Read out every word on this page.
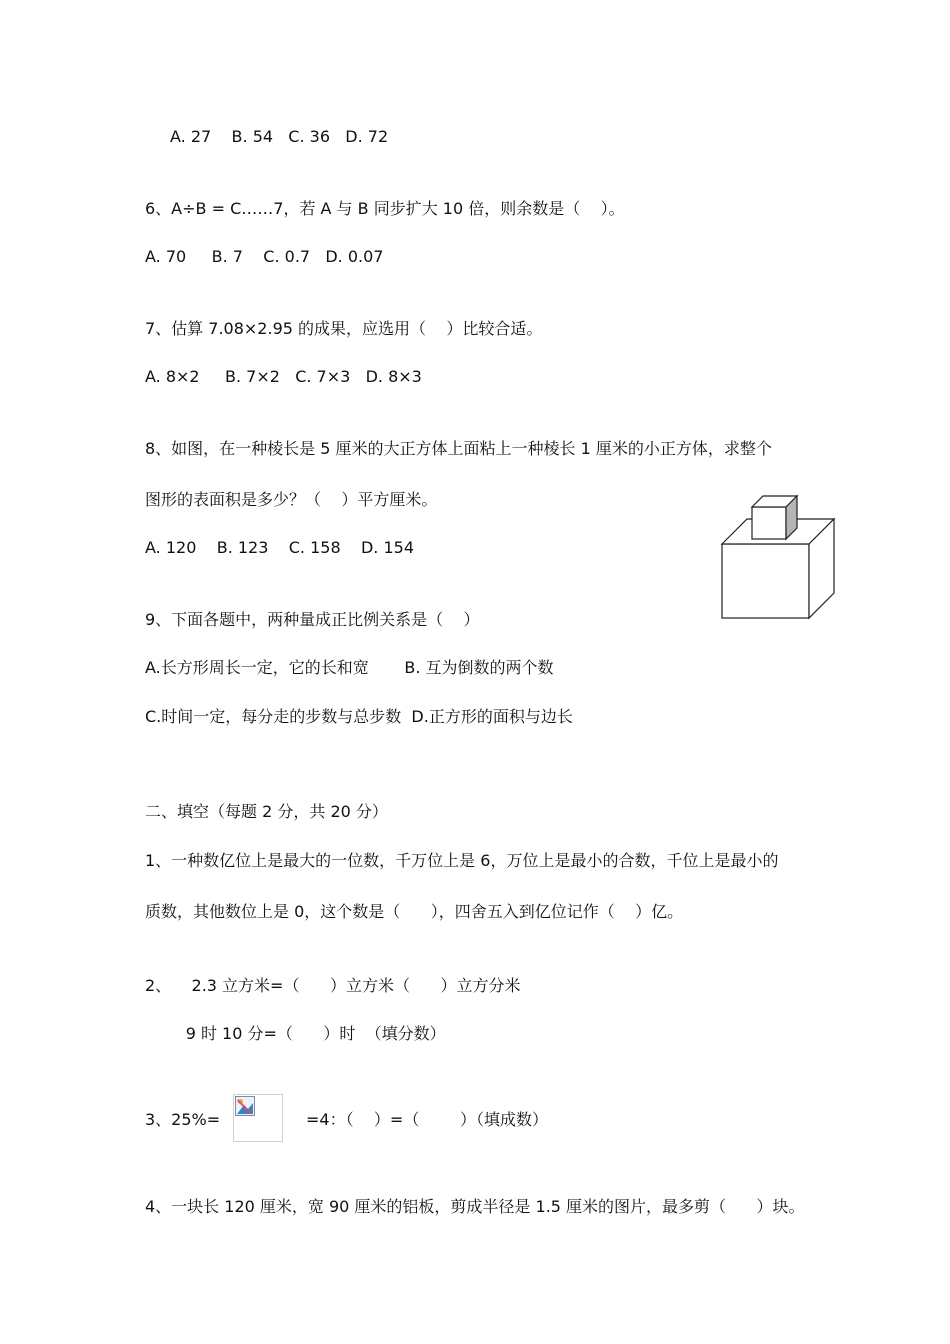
A. 27    B. 54   C. 36   D. 72
6、A÷B = C……7，若 A 与 B 同步扩大 10 倍，则余数是（    ）。
A. 70     B. 7    C. 0.7   D. 0.07
7、估算 7.08×2.95 的成果，应选用（    ）比较合适。
A. 8×2     B. 7×2   C. 7×3   D. 8×3
8、如图，在一种棱长是 5 厘米的大正方体上面粘上一种棱长 1 厘米的小正方体，求整个
图形的表面积是多少？（    ）平方厘米。
A. 120    B. 123    C. 158    D. 154
9、下面各题中，两种量成正比例关系是（    ）
A.长方形周长一定，它的长和宽       B. 互为倒数的两个数
C.时间一定，每分走的步数与总步数  D.正方形的面积与边长
二、填空（每题 2 分，共 20 分）
1、一种数亿位上是最大的一位数，千万位上是 6，万位上是最小的合数，千位上是最小的
质数，其他数位上是 0，这个数是（      ），四舍五入到亿位记作（    ）亿。
2、    2.3 立方米=（      ）立方米（      ）立方分米
9 时 10 分=（      ）时  （填分数）
3、25%=	=4：（    ）=（        ）（填成数）
4、一块长 120 厘米，宽 90 厘米的铝板，剪成半径是 1.5 厘米的图片，最多剪（      ）块。
